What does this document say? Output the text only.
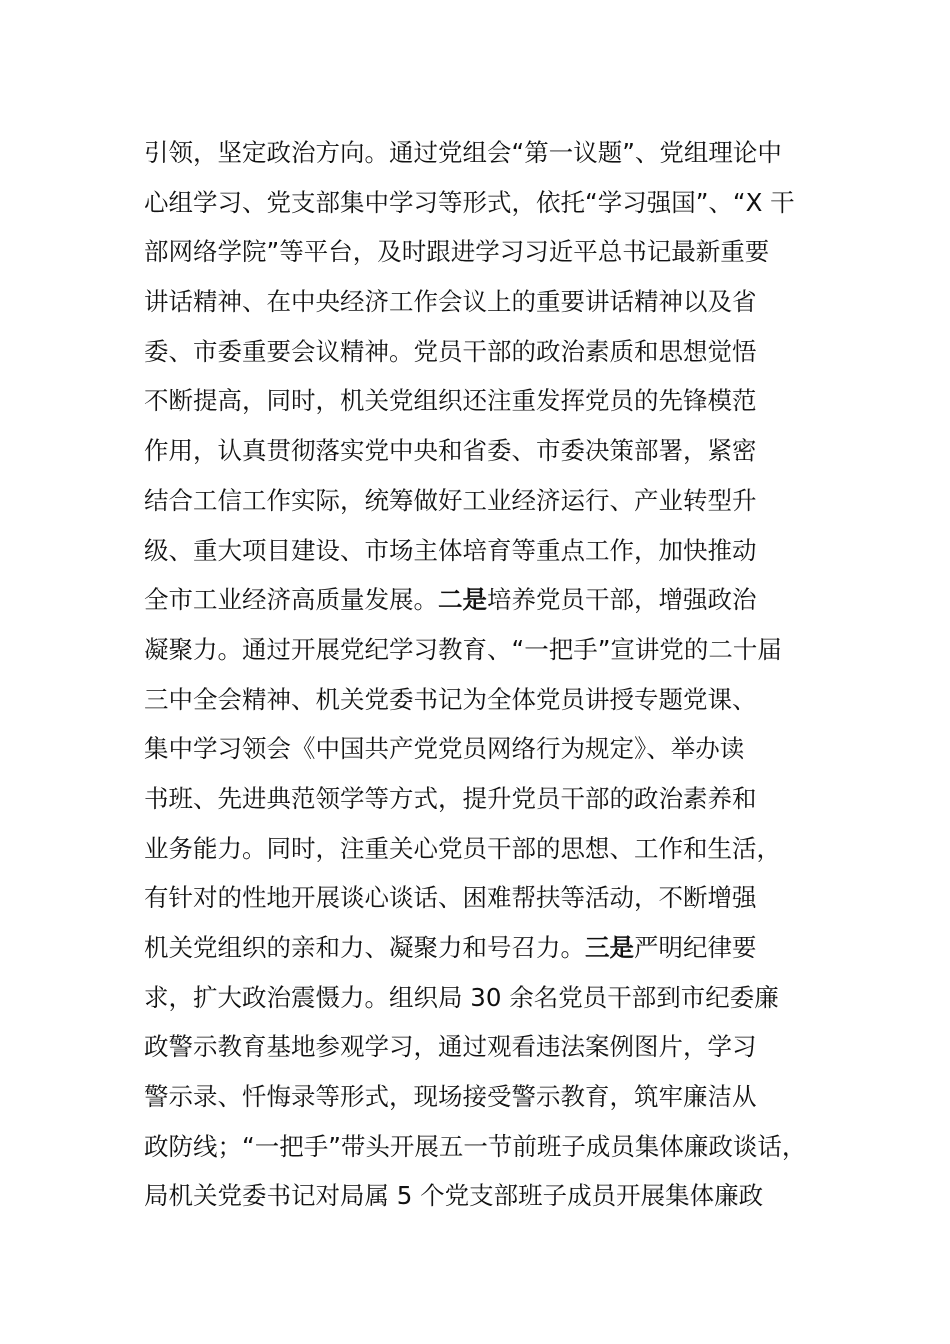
引领，坚定政治方向。通过党组会“第一议题”、党组理论中
心组学习、党支部集中学习等形式，依托“学习强国”、“X 干
部网络学院”等平台，及时跟进学习习近平总书记最新重要
讲话精神、在中央经济工作会议上的重要讲话精神以及省
委、市委重要会议精神。党员干部的政治素质和思想觉悟
不断提高，同时，机关党组织还注重发挥党员的先锋模范
作用，认真贯彻落实党中央和省委、市委决策部署，紧密
结合工信工作实际，统筹做好工业经济运行、产业转型升
级、重大项目建设、市场主体培育等重点工作，加快推动
全市工业经济高质量发展。二是培养党员干部，增强政治
凝聚力。通过开展党纪学习教育、“一把手”宣讲党的二十届
三中全会精神、机关党委书记为全体党员讲授专题党课、
集中学习领会《中国共产党党员网络行为规定》、举办读
书班、先进典范领学等方式，提升党员干部的政治素养和
业务能力。同时，注重关心党员干部的思想、工作和生活，
有针对的性地开展谈心谈话、困难帮扶等活动，不断增强
机关党组织的亲和力、凝聚力和号召力。三是严明纪律要
求，扩大政治震慑力。组织局 30 余名党员干部到市纪委廉
政警示教育基地参观学习，通过观看违法案例图片，学习
警示录、忏悔录等形式，现场接受警示教育，筑牢廉洁从
政防线；“一把手”带头开展五一节前班子成员集体廉政谈话，
局机关党委书记对局属 5 个党支部班子成员开展集体廉政
